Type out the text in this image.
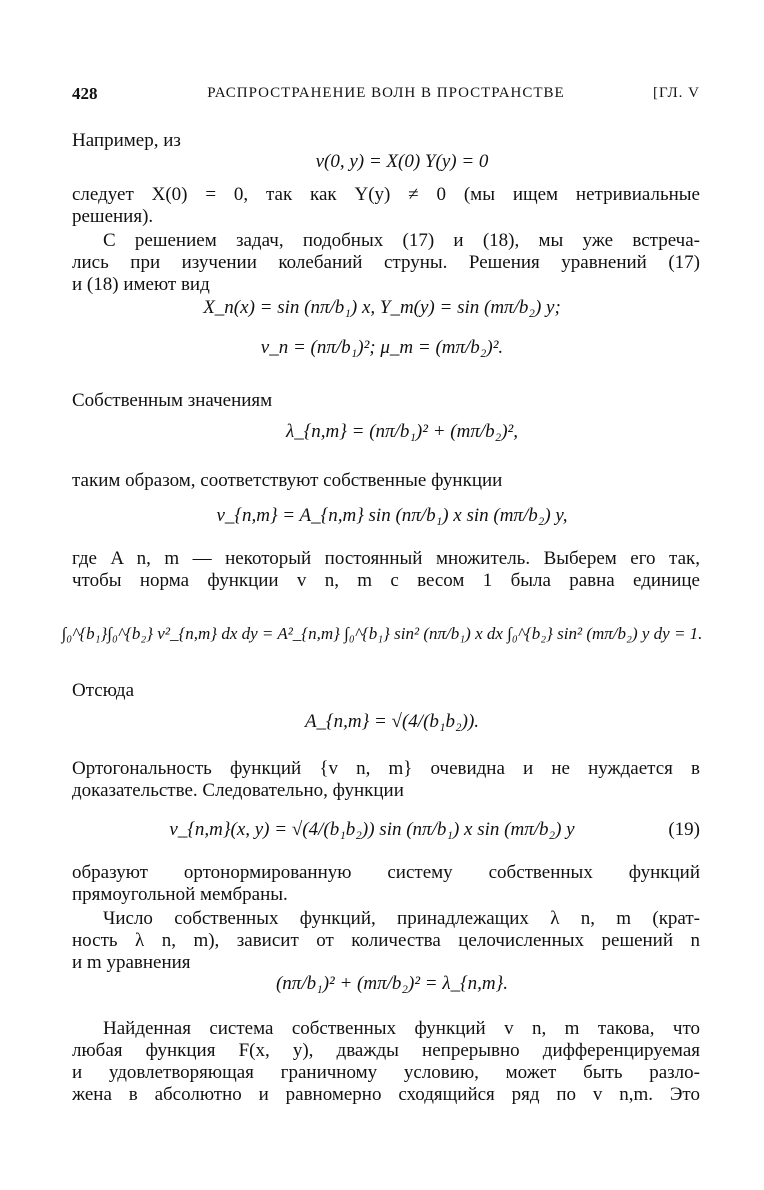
428	РАСПРОСТРАНЕНИЕ ВОЛН В ПРОСТРАНСТВЕ	[ГЛ. V
Например, из
v(0, y) = X(0) Y(y) = 0
следует X(0) = 0, так как Y(y) ≠ 0 (мы ищем нетривиальные
решения).
С решением задач, подобных (17) и (18), мы уже встреча-
лись при изучении колебаний струны. Решения уравнений (17)
и (18) имеют вид
X_n(x) = sin (nπ/b₁) x, Y_m(y) = sin (mπ/b₂) y;
ν_n = (nπ/b₁)²; μ_m = (mπ/b₂)².
Собственным значениям
λ_{n,m} = (nπ/b₁)² + (mπ/b₂)²,
таким образом, соответствуют собственные функции
v_{n,m} = A_{n,m} sin (nπ/b₁) x sin (mπ/b₂) y,
где A n, m — некоторый постоянный множитель. Выберем его так,
чтобы норма функции v n, m с весом 1 была равна единице
∫₀^{b₁}∫₀^{b₂} v²_{n,m} dx dy = A²_{n,m} ∫₀^{b₁} sin² (nπ/b₁) x dx ∫₀^{b₂} sin² (mπ/b₂) y dy = 1.
Отсюда
A_{n,m} = √(4/(b₁b₂)).
Ортогональность функций {v n, m} очевидна и не нуждается в
доказательстве. Следовательно, функции
v_{n,m}(x, y) = √(4/(b₁b₂)) sin (nπ/b₁) x sin (mπ/b₂) y	(19)
образуют ортонормированную систему собственных функций
прямоугольной мембраны.
Число собственных функций, принадлежащих λ n, m (крат-
ность λ n, m), зависит от количества целочисленных решений n
и m уравнения
(nπ/b₁)² + (mπ/b₂)² = λ_{n,m}.
Найденная система собственных функций v n, m такова, что
любая функция F(x, y), дважды непрерывно дифференцируемая
и удовлетворяющая граничному условию, может быть разло-
жена в абсолютно и равномерно сходящийся ряд по v n,m. Это
